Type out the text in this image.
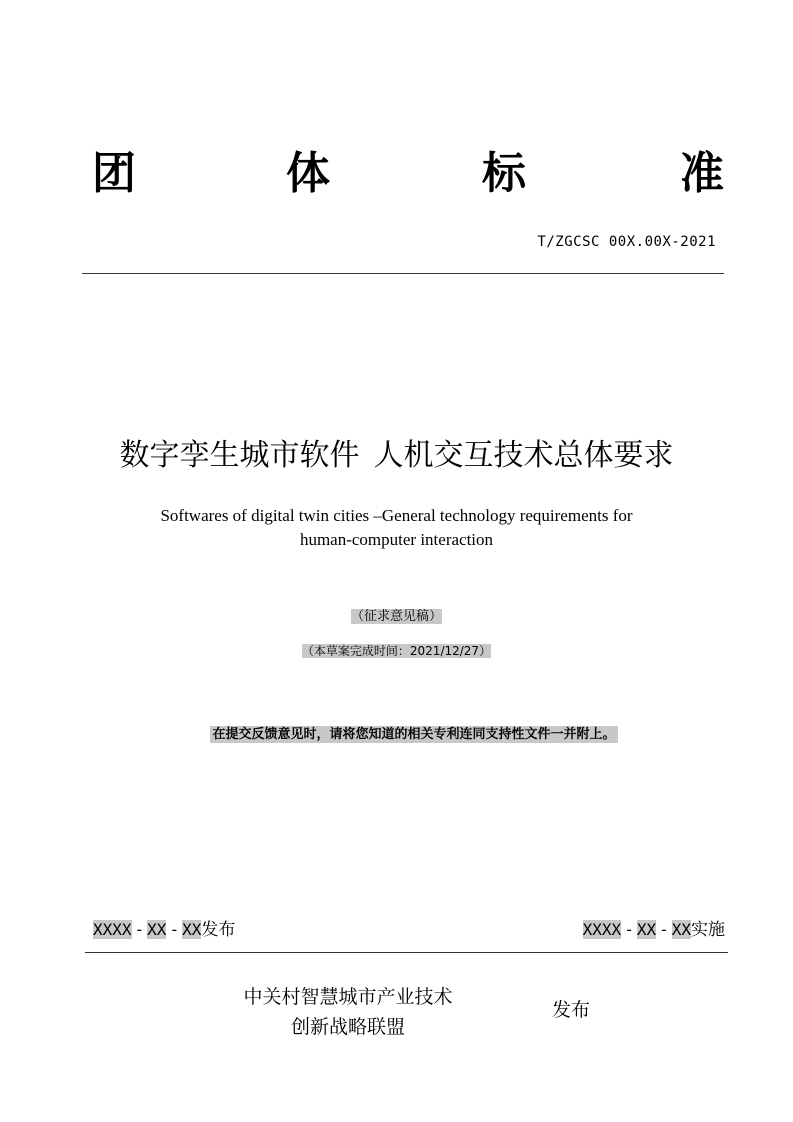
团	体	标	准
T/ZGCSC 00X.00X-2021
数字孪生城市软件 人机交互技术总体要求
Softwares of digital twin cities –General technology requirements for
human-computer interaction
（征求意见稿）
（本草案完成时间：2021/12/27）
在提交反馈意见时，请将您知道的相关专利连同支持性文件一并附上。
XXXX - XX - XX发布	XXXX - XX - XX实施
中关村智慧城市产业技术
创新战略联盟
发布
